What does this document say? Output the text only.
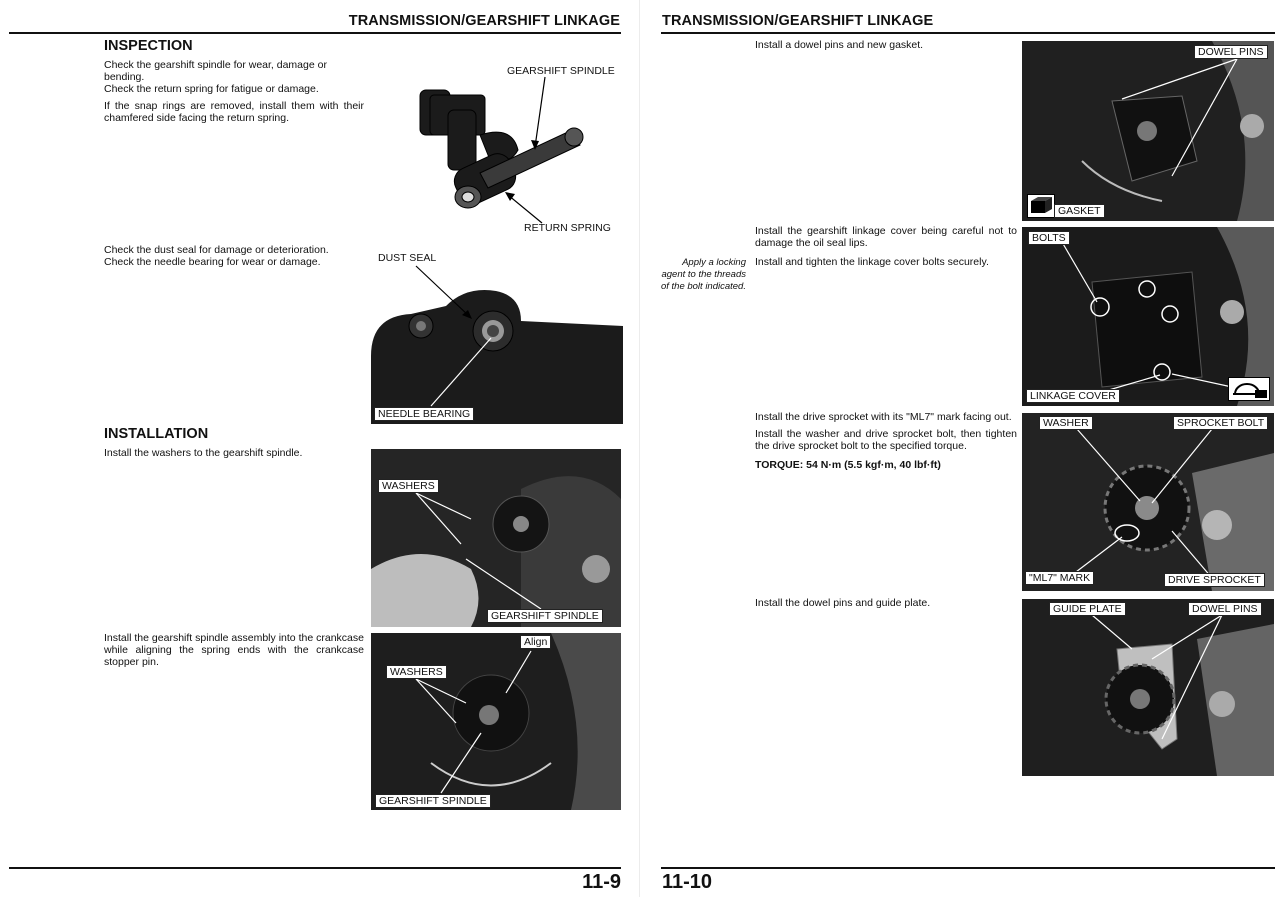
TRANSMISSION/GEARSHIFT LINKAGE
INSPECTION
Check the gearshift spindle for wear, damage or
bending.
Check the return spring for fatigue or damage.

If the snap rings are removed, install them with their chamfered side facing the return spring.

GEARSHIFT SPINDLE
RETURN SPRING
Check the dust seal for damage or deterioration.
Check the needle bearing for wear or damage.	DUST SEAL
NEEDLE BEARING
INSTALLATION

Install the washers to the gearshift spindle.

WASHERS
GEARSHIFT SPINDLE

Install the gearshift spindle assembly into the crankcase while aligning the spring ends with the crankcase stopper pin.

Align
WASHERS
GEARSHIFT SPINDLE
11-9
TRANSMISSION/GEARSHIFT LINKAGE

Install a dowel pins and new gasket.

DOWEL PINS
GASKET

Install the gearshift linkage cover being careful not to damage the oil seal lips.

Apply a locking
agent to the threads
of the bolt indicated.

Install and tighten the linkage cover bolts securely.

BOLTS
LINKAGE COVER

Install the drive sprocket with its "ML7" mark facing out.

Install the washer and drive sprocket bolt, then tighten the drive sprocket bolt to the specified torque.

TORQUE: 54 N·m (5.5 kgf·m, 40 lbf·ft)
WASHER	SPROCKET BOLT
"ML7" MARK	DRIVE SPROCKET

Install the dowel pins and guide plate.	GUIDE PLATE	DOWEL PINS
11-10
